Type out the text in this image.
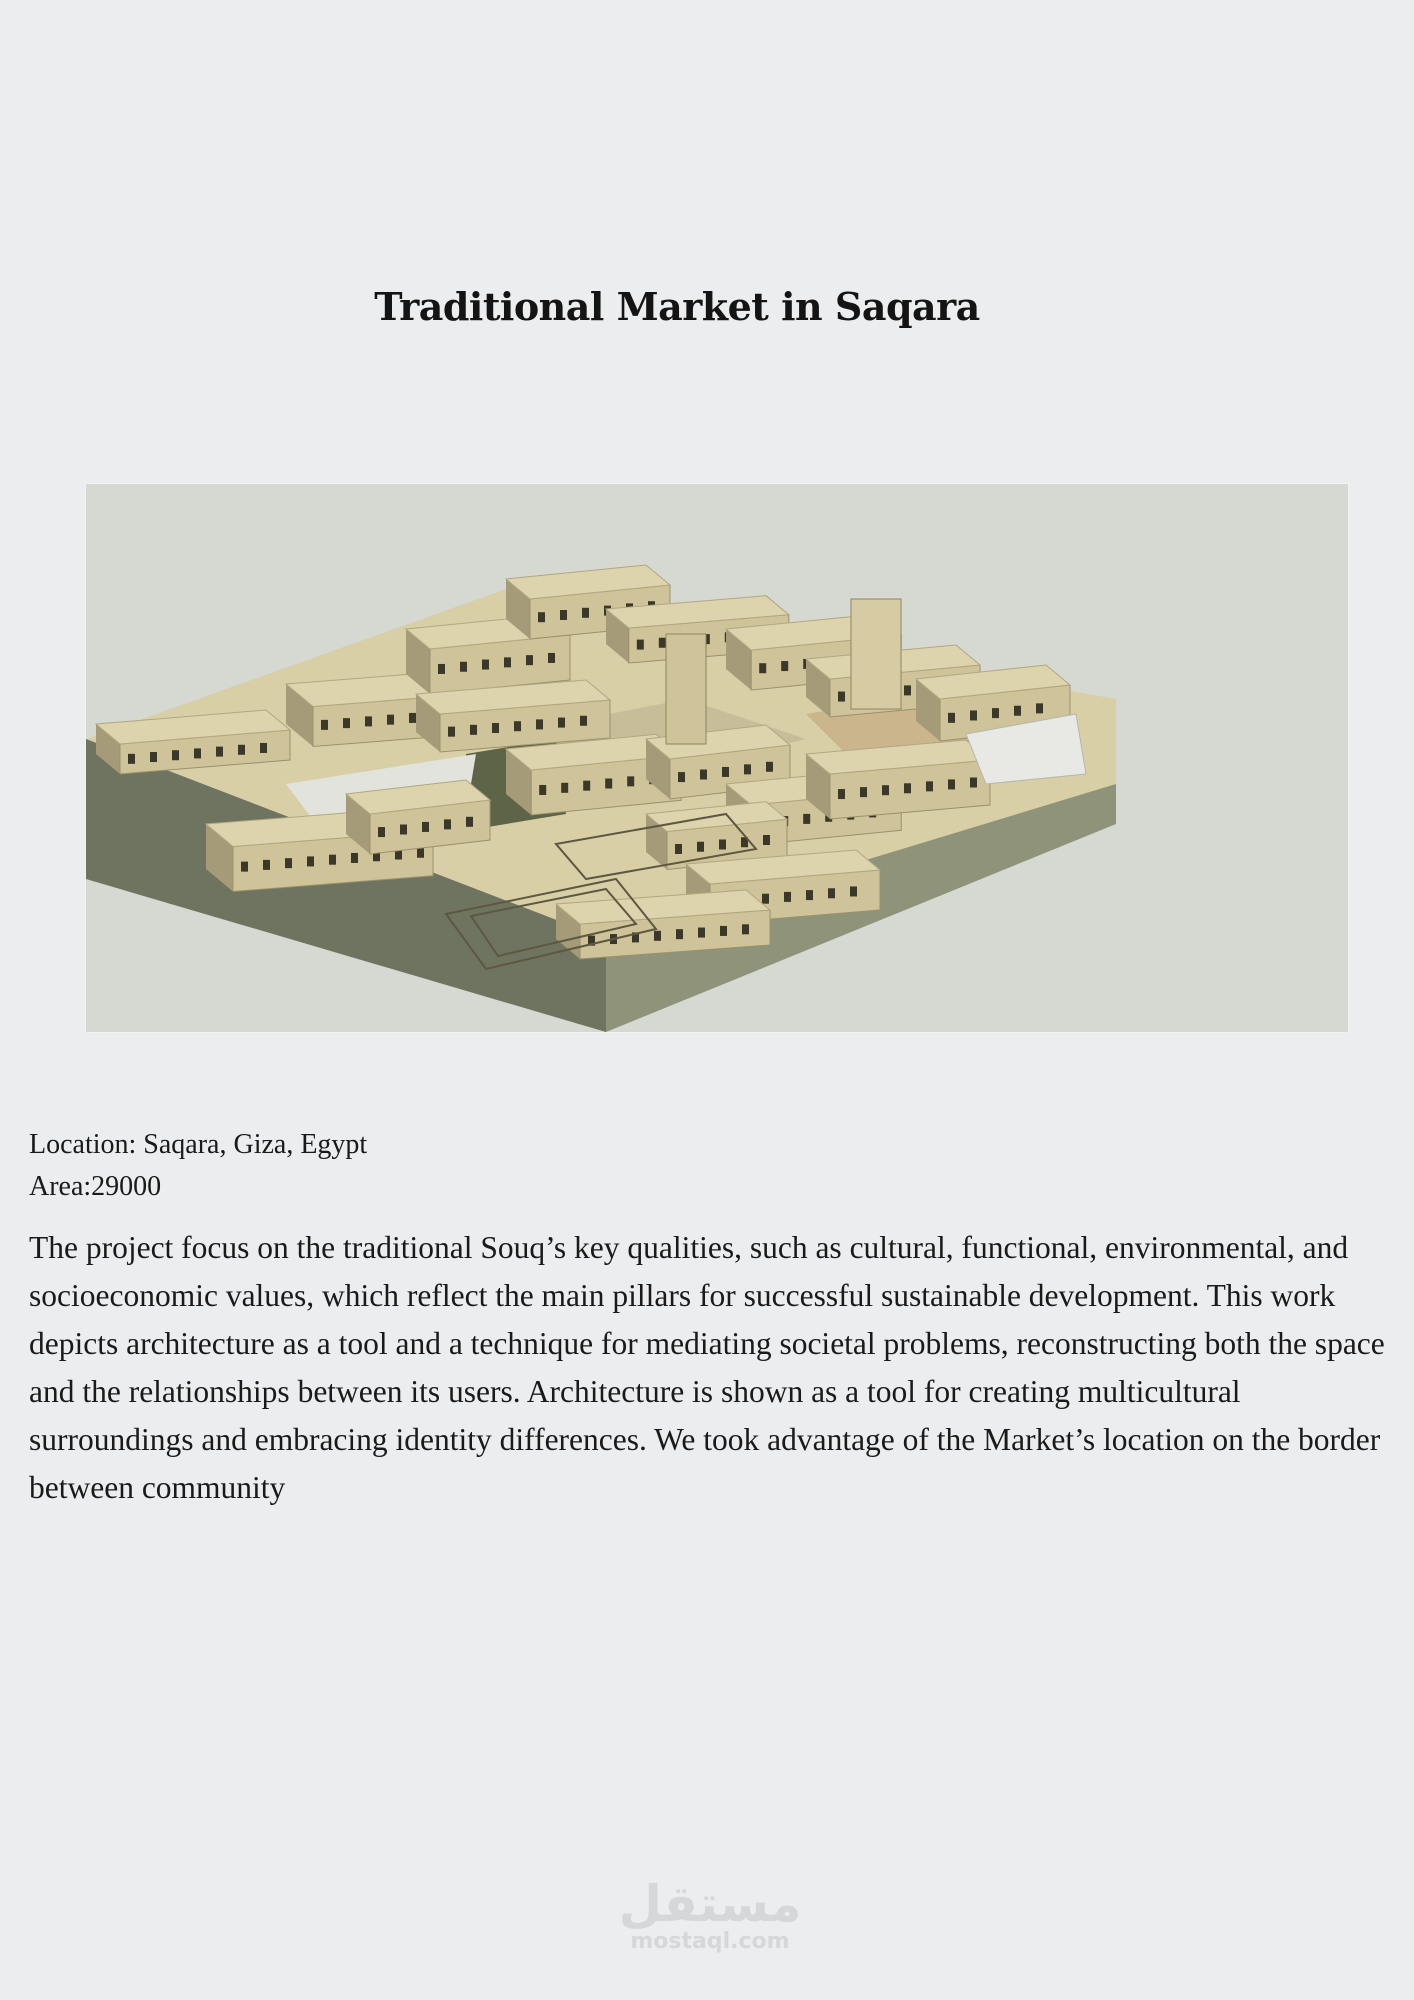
Traditional Market in Saqara
Location: Saqara, Giza, Egypt
Area:29000

The project focus on the traditional Souq’s key qualities, such as cultural, functional, environmental, and socioeconomic values, which reflect the main pillars for successful sustainable development. This work depicts architecture as a tool and a technique for mediating societal problems, reconstructing both the space and the relationships between its users. Architecture is shown as a tool for creating multicultural surroundings and embracing identity differences. We took advantage of the Market’s location on the border between community

مستقل
mostaql.com
